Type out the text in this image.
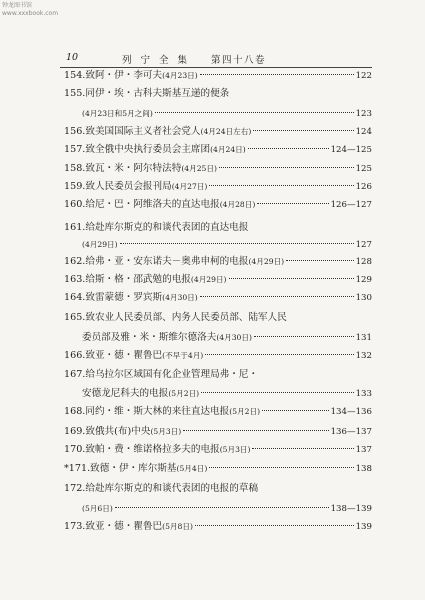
钟龙图书馆
www.xxxbook.com
10	列 宁 全 集 第四十八卷
154.致阿・伊・李可夫(4月23日)	122
155.同伊・埃・古科夫斯基互递的便条
(4月23日和5月之间)	123
156.致美国国际主义者社会党人(4月24日左右)	124
157.致全俄中央执行委员会主席团(4月24日)	124—125
158.致瓦・米・阿尔特法特(4月25日)	125
159.致人民委员会报刊局(4月27日)	126
160.给尼・巴・阿维洛夫的直达电报(4月28日)	126—127
161.给赴库尔斯克的和谈代表团的直达电报
(4月29日)	127
162.给弗・亚・安东诺夫－奥弗申柯的电报(4月29日)	128
163.给斯・格・邵武勉的电报(4月29日)	129
164.致雷蒙德・罗宾斯(4月30日)	130
165.致农业人民委员部、内务人民委员部、陆军人民
委员部及雅・米・斯维尔德洛夫(4月30日)	131
166.致亚・德・瞿鲁巴(不早于4月)	132
167.给乌拉尔区域国有化企业管理局弗・尼・
安德龙尼科夫的电报(5月2日)	133
168.同约・维・斯大林的来往直达电报(5月2日)	134—136
169.致俄共(布)中央(5月3日)	136—137
170.致帕・费・维诺格拉多夫的电报(5月3日)	137
*171.致德・伊・库尔斯基(5月4日)	138
172.给赴库尔斯克的和谈代表团的电报的草稿
(5月6日)	138—139
173.致亚・德・瞿鲁巴(5月8日)	139
